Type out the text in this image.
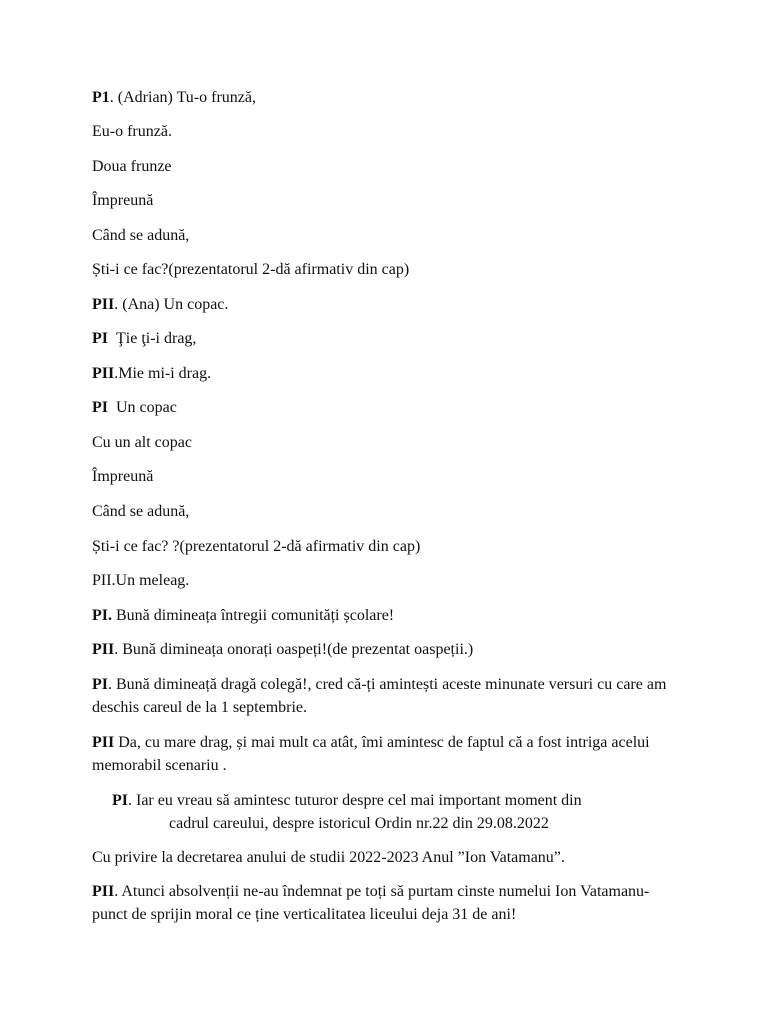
P1. (Adrian) Tu-o frunză,

Eu-o frunză.

Doua frunze

Împreună

Când se adună,

Ști-i ce fac?(prezentatorul 2-dă afirmativ din cap)

PII. (Ana) Un copac.

PI  Ţie ţi-i drag,

PII.Mie mi-i drag.

PI  Un copac

Cu un alt copac

Împreună

Când se adună,

Ști-i ce fac? ?(prezentatorul 2-dă afirmativ din cap)

PII.Un meleag.

PI. Bună dimineața întregii comunități școlare!

PII. Bună dimineața onorați oaspeți!(de prezentat oaspeții.)

PI. Bună dimineață dragă colegă!, cred că-ți amintești aceste minunate versuri cu care am deschis careul de la 1 septembrie.

PII Da, cu mare drag, și mai mult ca atât, îmi amintesc de faptul că a fost intriga acelui memorabil scenariu .

PI. Iar eu vreau să amintesc tuturor despre cel mai important moment din
cadrul careului, despre istoricul Ordin nr.22 din 29.08.2022

Cu privire la decretarea anului de studii 2022-2023 Anul ”Ion Vatamanu”.

PII. Atunci absolvenții ne-au îndemnat pe toți să purtam cinste numelui Ion Vatamanu-punct de sprijin moral ce ține verticalitatea liceului deja 31 de ani!
